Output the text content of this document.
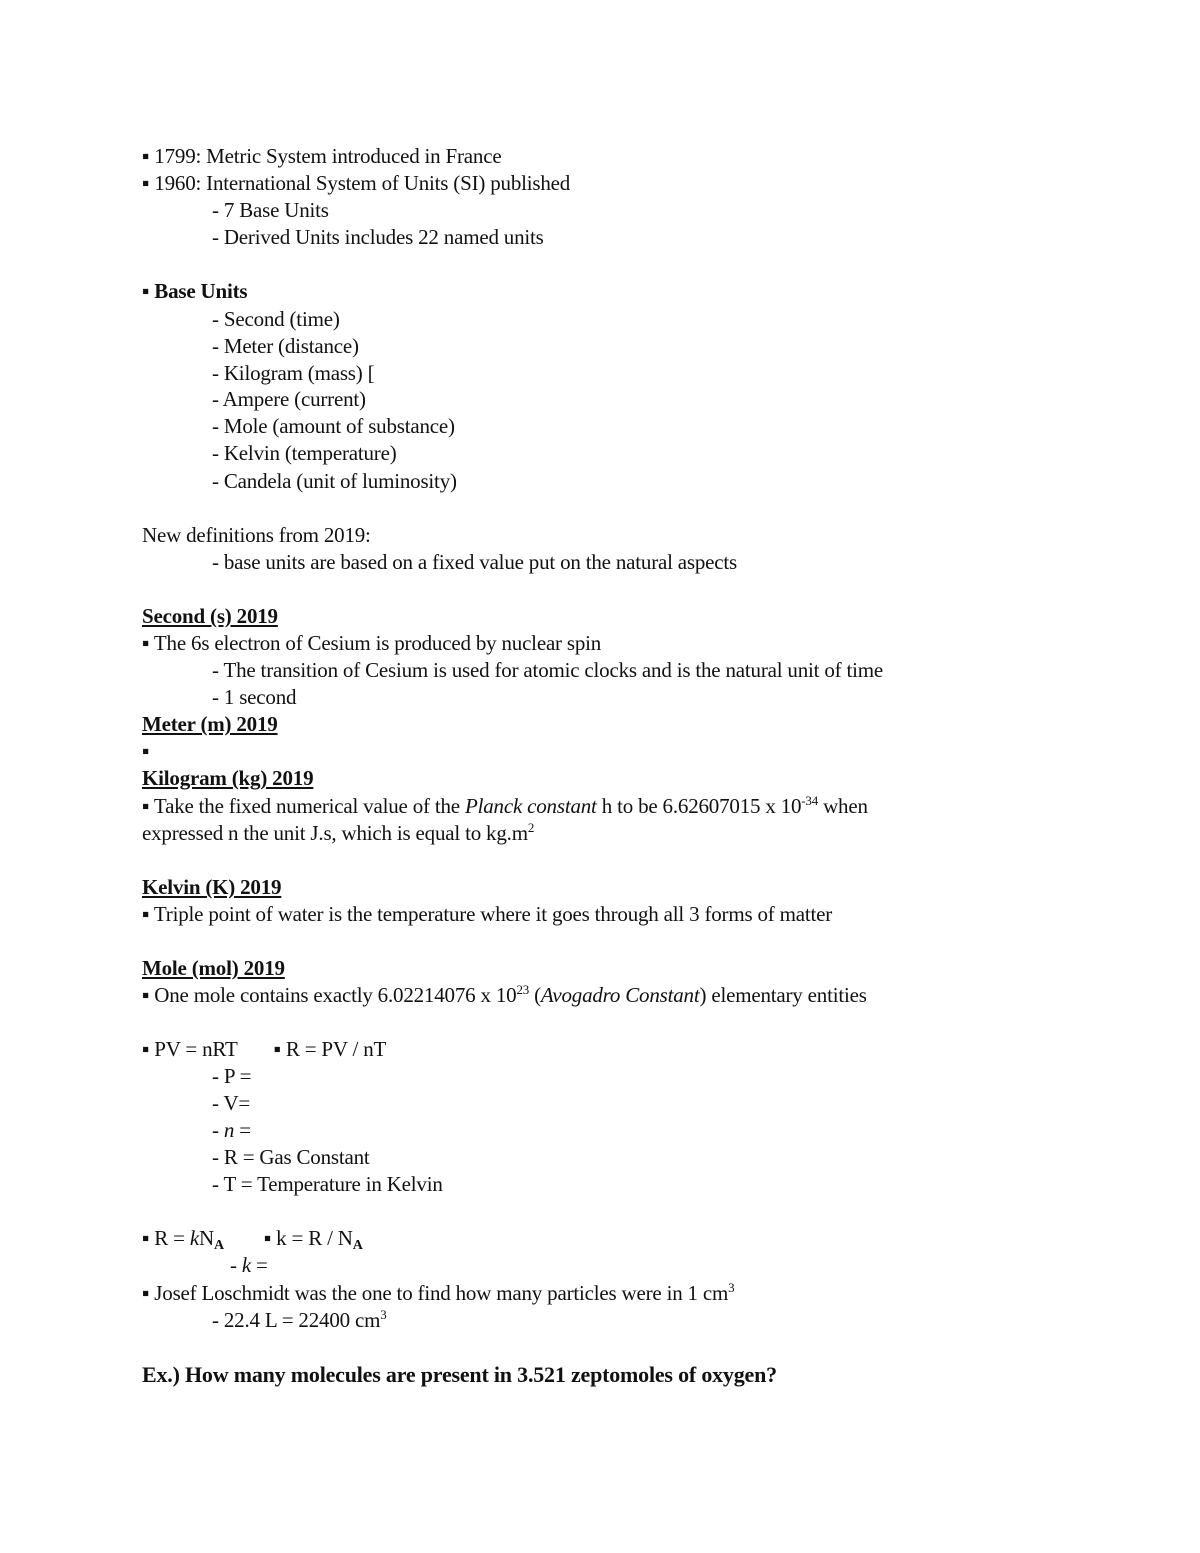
▪ 1799: Metric System introduced in France
▪ 1960: International System of Units (SI) published
- 7 Base Units
- Derived Units includes 22 named units
▪ Base Units
- Second (time)
- Meter (distance)
- Kilogram (mass) [
- Ampere (current)
- Mole (amount of substance)
- Kelvin (temperature)
- Candela (unit of luminosity)
New definitions from 2019:
- base units are based on a fixed value put on the natural aspects
Second (s) 2019
▪ The 6s electron of Cesium is produced by nuclear spin
- The transition of Cesium is used for atomic clocks and is the natural unit of time
- 1 second
Meter (m) 2019
▪
Kilogram (kg) 2019
▪ Take the fixed numerical value of the Planck constant h to be 6.62607015 x $10^{-34}$ when
expressed n the unit J.s, which is equal to $kg.m^2$
Kelvin (K) 2019
▪ Triple point of water is the temperature where it goes through all 3 forms of matter
Mole (mol) 2019
▪ One mole contains exactly 6.02214076 x $10^{23}$ (Avogadro Constant) elementary entities
▪ PV = nRT ▪ R = PV / nT
- P =
- V=
- n =
- R = Gas Constant
- T = Temperature in Kelvin
▪ $R = kN_A$ ▪ $k = R / N_A$
- k =
▪ Josef Loschmidt was the one to find how many particles were in 1 $cm^3$
- 22.4 L = 22400 $cm^3$
Ex.) How many molecules are present in 3.521 zeptomoles of oxygen?
